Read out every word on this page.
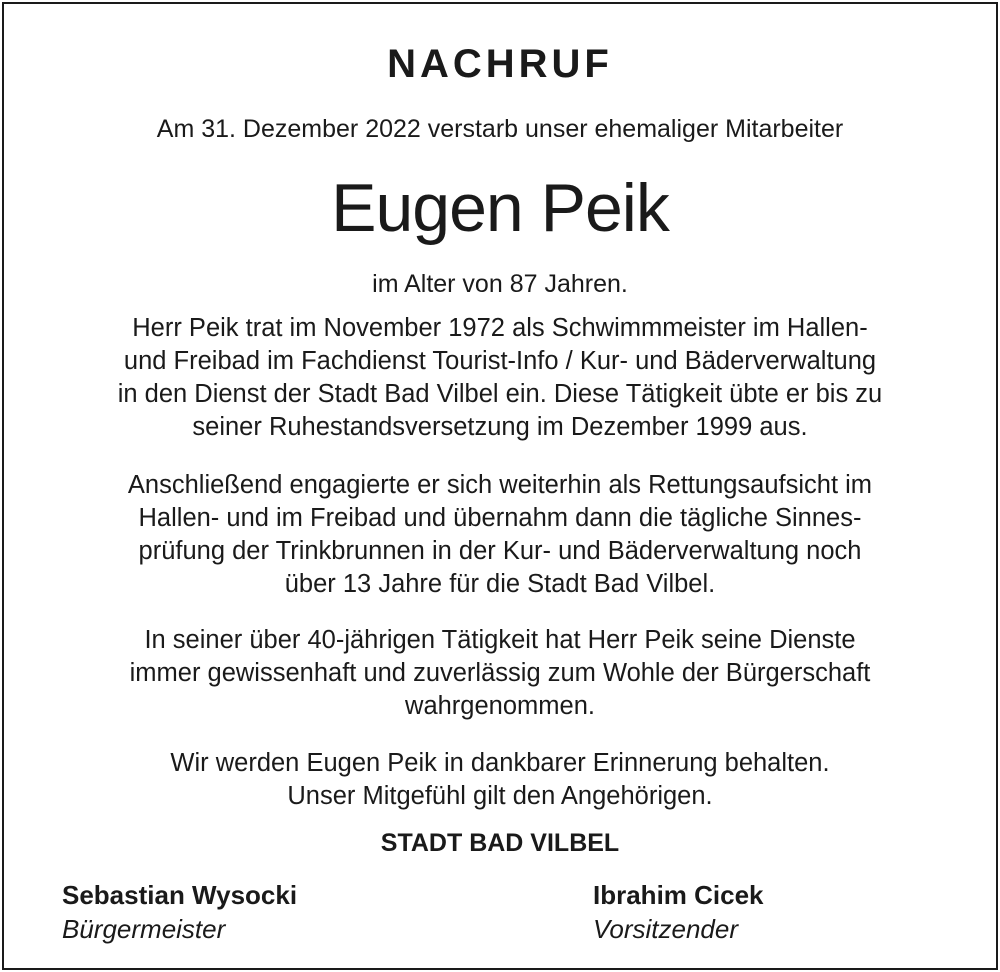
NACHRUF
Am 31. Dezember 2022 verstarb unser ehemaliger Mitarbeiter
Eugen Peik
im Alter von 87 Jahren.
Herr Peik trat im November 1972 als Schwimmmeister im Hallen-
und Freibad im Fachdienst Tourist-Info / Kur- und Bäderverwaltung
in den Dienst der Stadt Bad Vilbel ein. Diese Tätigkeit übte er bis zu
seiner Ruhestandsversetzung im Dezember 1999 aus.
Anschließend engagierte er sich weiterhin als Rettungsaufsicht im
Hallen- und im Freibad und übernahm dann die tägliche Sinnes-
prüfung der Trinkbrunnen in der Kur- und Bäderverwaltung noch
über 13 Jahre für die Stadt Bad Vilbel.
In seiner über 40-jährigen Tätigkeit hat Herr Peik seine Dienste
immer gewissenhaft und zuverlässig zum Wohle der Bürgerschaft
wahrgenommen.
Wir werden Eugen Peik in dankbarer Erinnerung behalten.
Unser Mitgefühl gilt den Angehörigen.
STADT BAD VILBEL
Sebastian Wysocki
Bürgermeister
Ibrahim Cicek
Vorsitzender
